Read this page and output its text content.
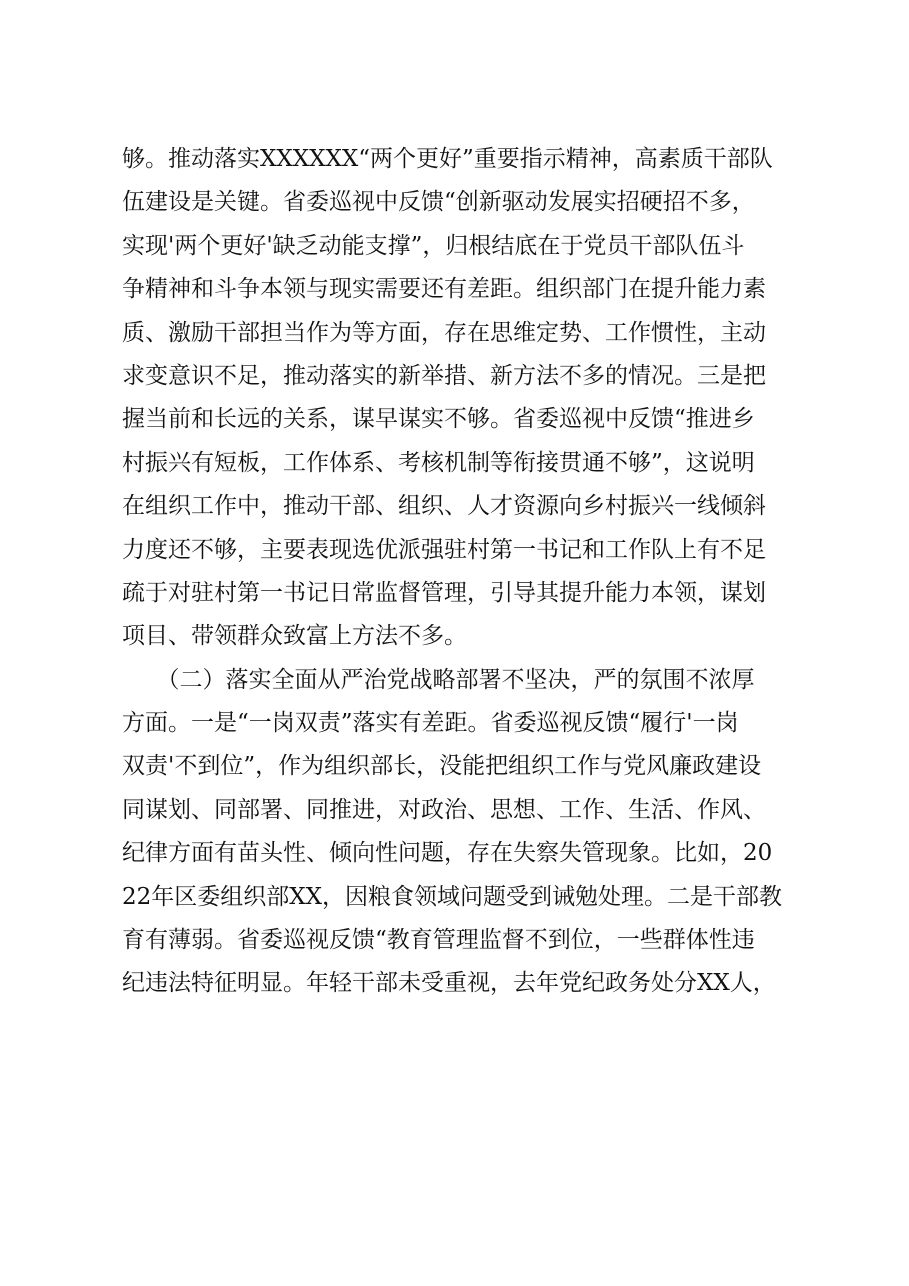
够。推动落实XXXXXX“两个更好”重要指示精神，高素质干部队
伍建设是关键。省委巡视中反馈“创新驱动发展实招硬招不多，
实现'两个更好'缺乏动能支撑”，归根结底在于党员干部队伍斗
争精神和斗争本领与现实需要还有差距。组织部门在提升能力素
质、激励干部担当作为等方面，存在思维定势、工作惯性，主动
求变意识不足，推动落实的新举措、新方法不多的情况。三是把
握当前和长远的关系，谋早谋实不够。省委巡视中反馈“推进乡
村振兴有短板，工作体系、考核机制等衔接贯通不够”，这说明
在组织工作中，推动干部、组织、人才资源向乡村振兴一线倾斜
力度还不够，主要表现选优派强驻村第一书记和工作队上有不足
疏于对驻村第一书记日常监督管理，引导其提升能力本领，谋划
项目、带领群众致富上方法不多。
　　（二）落实全面从严治党战略部署不坚决，严的氛围不浓厚
方面。一是“一岗双责”落实有差距。省委巡视反馈“履行'一岗
双责'不到位”，作为组织部长，没能把组织工作与党风廉政建设
同谋划、同部署、同推进，对政治、思想、工作、生活、作风、
纪律方面有苗头性、倾向性问题，存在失察失管现象。比如，20
22年区委组织部XX，因粮食领域问题受到诫勉处理。二是干部教
育有薄弱。省委巡视反馈“教育管理监督不到位，一些群体性违
纪违法特征明显。年轻干部未受重视，去年党纪政务处分XX人，
